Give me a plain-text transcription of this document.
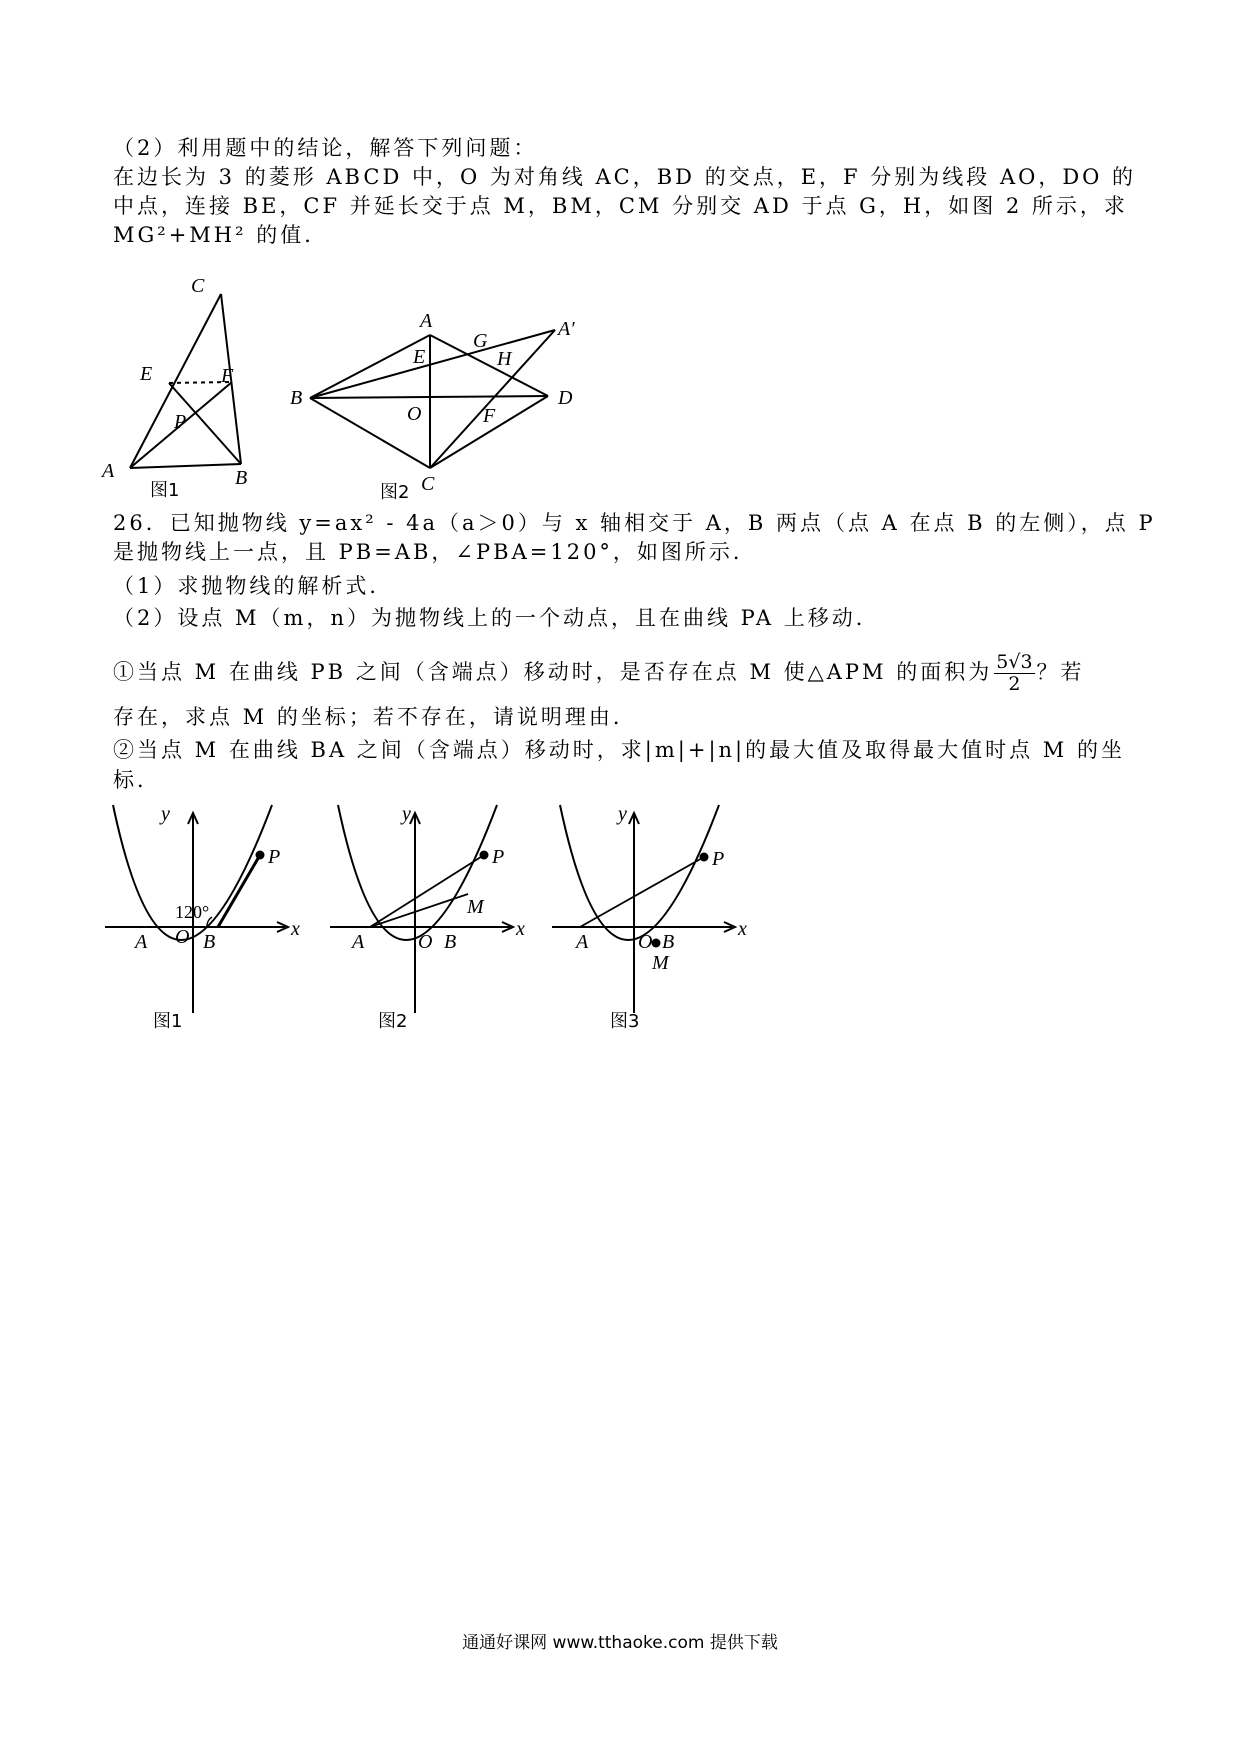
（2）利用题中的结论，解答下列问题：
在边长为 3 的菱形 ABCD 中，O 为对角线 AC，BD 的交点，E，F 分别为线段 AO，DO 的
中点，连接 BE，CF 并延长交于点 M，BM，CM 分别交 AD 于点 G，H，如图 2 所示，求
MG²+MH² 的值．
C
E	F
P
A	B
图1
A
G
A′
E	H
B
O	F
D
C
图2
26．已知抛物线 y=ax² - 4a（a＞0）与 x 轴相交于 A，B 两点（点 A 在点 B 的左侧），点 P
是抛物线上一点，且 PB=AB，∠PBA=120°，如图所示．
（1）求抛物线的解析式．
（2）设点 M（m，n）为抛物线上的一个动点，且在曲线 PA 上移动．
①当点 M 在曲线 PB 之间（含端点）移动时，是否存在点 M 使△APM 的面积为 $\frac{5√3}{2}$ ？若
存在，求点 M 的坐标；若不存在，请说明理由．
②当点 M 在曲线 BA 之间（含端点）移动时，求|m|+|n|的最大值及取得最大值时点 M 的坐
标．
O
A	B
P
x
y
120°
图1
A	O B
P
M
x
y
图2
A O B
P
M
x
y
图3
通通好课网 www.tthaoke.com 提供下载
